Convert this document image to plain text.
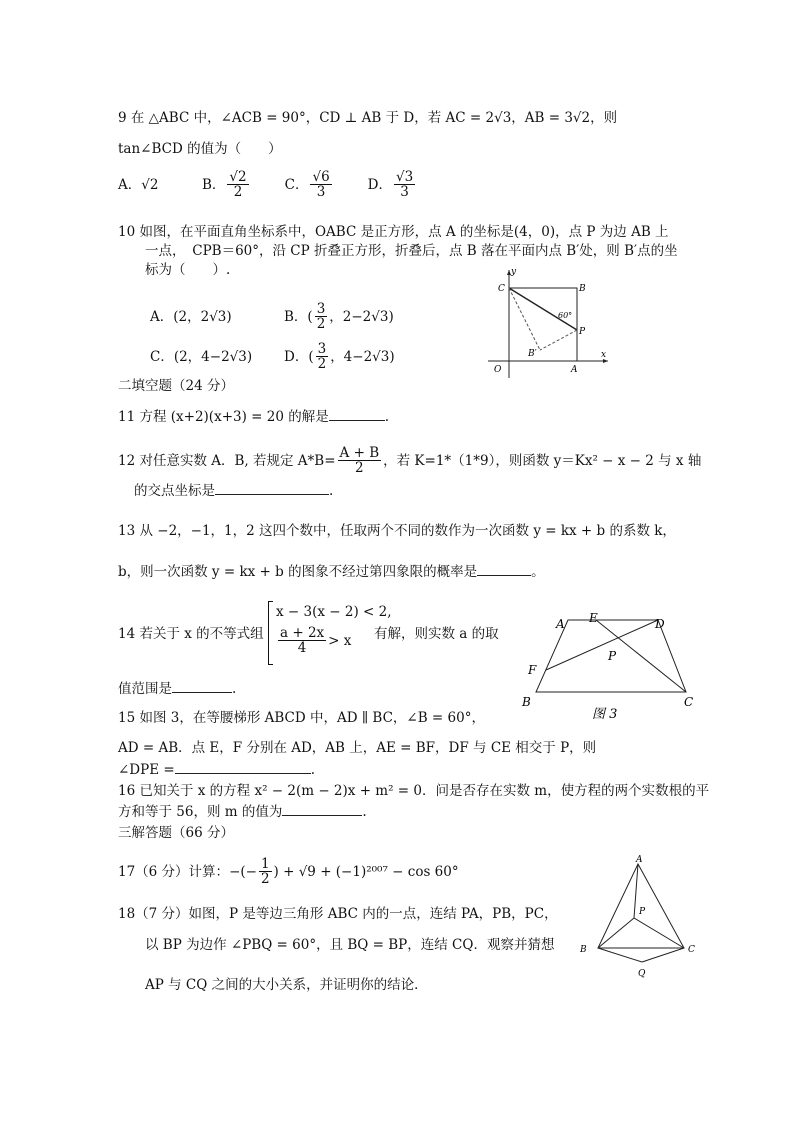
9 在 △ABC 中，∠ACB = 90°，CD ⊥ AB 于 D，若 AC = 2√3，AB = 3√2，则
tan∠BCD 的值为（　　）
A．√2	B． $\frac{√2}{2}$	C． $\frac{√6}{3}$	D． $\frac{√3}{3}$
10 如图，在平面直角坐标系中，OABC 是正方形，点 A 的坐标是(4，0)，点 P 为边 AB 上
一点，　CPB＝60°，沿 CP 折叠正方形，折叠后，点 B 落在平面内点 B′处，则 B′点的坐
标为（　　）.
A．(2，2√3)	B．( $\frac{3}{2}$ ，2−2√3)
C．(2，4−2√3)	D．( $\frac{3}{2}$ ，4−2√3)
y
C	B
60°
P
B′
O	A
x
二填空题（24 分）
11 方程 (x+2)(x+3) = 20 的解是	.
12 对任意实数 A．B, 若规定 $A*B= \frac{A + B}{2}$ ，若 K=1*（1*9），则函数 y＝Kx² − x − 2 与 x 轴
的交点坐标是	.
13 从 −2，−1，1，2 这四个数中，任取两个不同的数作为一次函数 y = kx + b 的系数 k，
b，则一次函数 y = kx + b 的图象不经过第四象限的概率是	。
14 若关于 x 的不等式组
x − 3(x − 2) < 2,
$\frac{a + 2x}{4} > x$ 有解，则实数 a 的取
值范围是	.
A E	D
F
P
B	C
图 3
15 如图 3，在等腰梯形 ABCD 中，AD ∥ BC，∠B = 60°，
AD = AB．点 E，F 分别在 AD，AB 上，AE = BF，DF 与 CE 相交于 P，则
∠DPE =	.
16 已知关于 x 的方程 x² − 2(m − 2)x + m² = 0．问是否存在实数 m，使方程的两个实数根的平
方和等于 56，则 m 的值为	.
三解答题（66 分）
17（6 分）计算： −(− $\frac{1}{2}$ ) + √9 + (−1)²⁰⁰⁷ − cos 60°
18（7 分）如图，P 是等边三角形 ABC 内的一点，连结 PA，PB，PC，
以 BP 为边作 ∠PBQ = 60°，且 BQ = BP，连结 CQ．观察并猜想
AP 与 CQ 之间的大小关系，并证明你的结论．
A
P
B	C
Q
